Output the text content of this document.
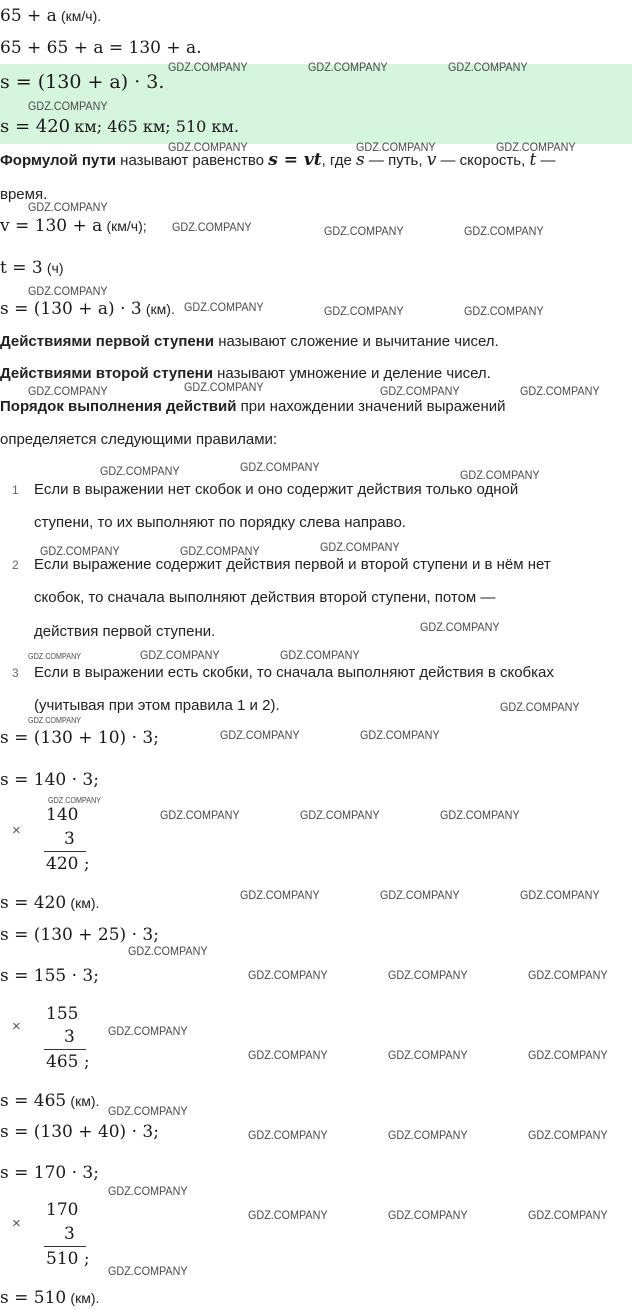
65 + a (км/ч).
65 + 65 + a = 130 + a.
s = (130 + a) · 3.
s = 420 км; 465 км; 510 км.
Формулой пути называют равенство s = vt, где s — путь, v — скорость, t —
время.
v = 130 + a (км/ч);
t = 3 (ч)
s = (130 + a) · 3 (км).
Действиями первой ступени называют сложение и вычитание чисел.
Действиями второй ступени называют умножение и деление чисел.
Порядок выполнения действий при нахождении значений выражений
определяется следующими правилами:
1 Если в выражении нет скобок и оно содержит действия только одной
ступени, то их выполняют по порядку слева направо.
2 Если выражение содержит действия первой и второй ступени и в нём нет
скобок, то сначала выполняют действия второй ступени, потом —
действия первой ступени.
3 Если в выражении есть скобки, то сначала выполняют действия в скобках
(учитывая при этом правила 1 и 2).
s = (130 + 10) · 3;
s = 140 · 3;
×
140
3
420 ;
s = 420 (км).
s = (130 + 25) · 3;
s = 155 · 3;
×
155
3
465 ;
s = 465 (км).
s = (130 + 40) · 3;
s = 170 · 3;
×
170
3
510 ;
s = 510 (км).
GDZ.COMPANY	GDZ.COMPANY	GDZ.COMPANY
GDZ.COMPANY
GDZ.COMPANY	GDZ.COMPANY	GDZ.COMPANY
GDZ.COMPANY
GDZ.COMPANY	GDZ.COMPANY	GDZ.COMPANY
GDZ.COMPANY
GDZ.COMPANY	GDZ.COMPANY	GDZ.COMPANY
GDZ.COMPANY	GDZ.COMPANY	GDZ.COMPANY	GDZ.COMPANY
GDZ.COMPANY	GDZ.COMPANY
GDZ.COMPANY
GDZ.COMPANY	GDZ.COMPANY	GDZ.COMPANY
GDZ.COMPANY
GDZ.COMPANY	GDZ.COMPANY	GDZ.COMPANY
GDZ.COMPANY
GDZ.COMPANY
GDZ.COMPANY	GDZ.COMPANY
GDZ.COMPANY
GDZ.COMPANY	GDZ.COMPANY	GDZ.COMPANY
GDZ.COMPANY	GDZ.COMPANY	GDZ.COMPANY
GDZ.COMPANY
GDZ.COMPANY	GDZ.COMPANY	GDZ.COMPANY
GDZ.COMPANY
GDZ.COMPANY	GDZ.COMPANY	GDZ.COMPANY
GDZ.COMPANY
GDZ.COMPANY	GDZ.COMPANY	GDZ.COMPANY
GDZ.COMPANY
GDZ.COMPANY	GDZ.COMPANY	GDZ.COMPANY
GDZ.COMPANY
